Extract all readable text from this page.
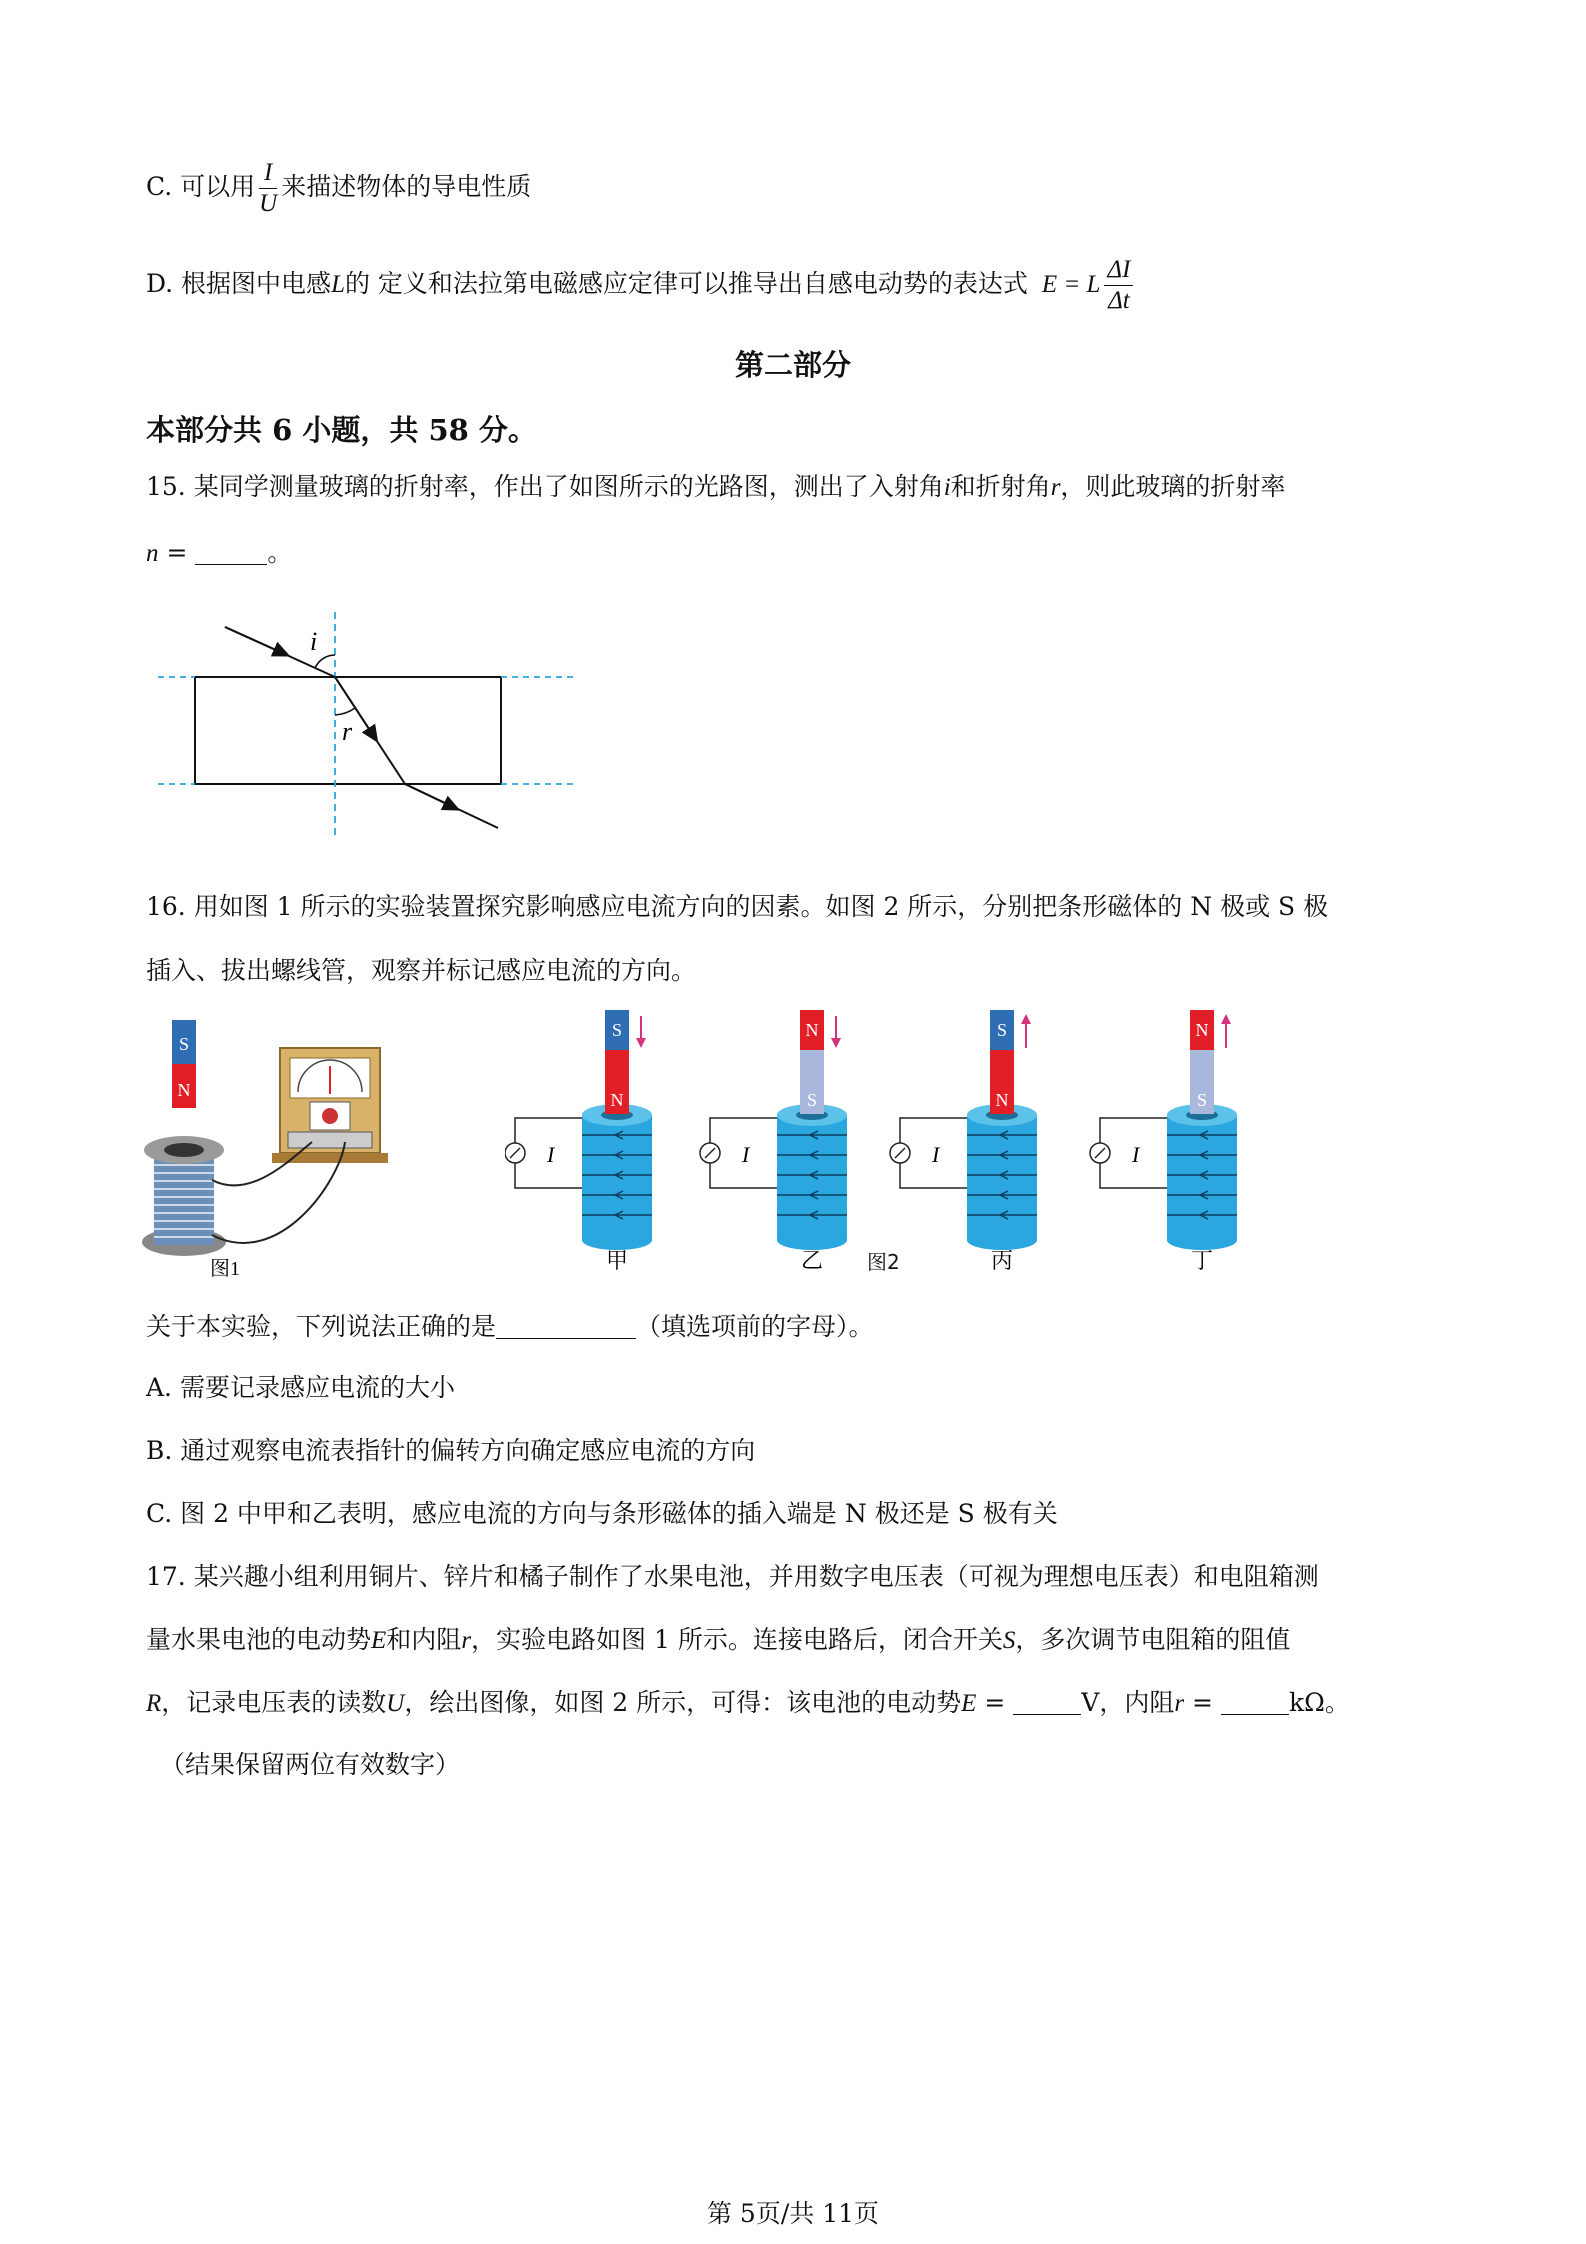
C. 可以用 $\frac{I}{U}$ 来描述物体的导电性质
D. 根据图中电感L的 定义和法拉第电磁感应定律可以推导出自感电动势的表达式 E = L $\frac{\Delta I}{\Delta t}$
第二部分
本部分共 6 小题，共 58 分。
15. 某同学测量玻璃的折射率，作出了如图所示的光路图，测出了入射角i和折射角r，则此玻璃的折射率
n =	。
i
r
16. 用如图 1 所示的实验装置探究影响感应电流方向的因素。如图 2 所示，分别把条形磁体的 N 极或 S 极
插入、拔出螺线管，观察并标记感应电流的方向。
S
N
图1
I
S
N
甲
I
N
S
乙
I
S
N
丙
I
N
S
丁
图2
关于本实验，下列说法正确的是	（填选项前的字母）。
A. 需要记录感应电流的大小
B. 通过观察电流表指针的偏转方向确定感应电流的方向
C. 图 2 中甲和乙表明，感应电流的方向与条形磁体的插入端是 N 极还是 S 极有关
17. 某兴趣小组利用铜片、锌片和橘子制作了水果电池，并用数字电压表（可视为理想电压表）和电阻箱测
量水果电池的电动势E和内阻r，实验电路如图 1 所示。连接电路后，闭合开关S，多次调节电阻箱的阻值
R，记录电压表的读数U，绘出图像，如图 2 所示，可得：该电池的电动势E =	V，内阻r =	kΩ。
（结果保留两位有效数字）
第 5页/共 11页
